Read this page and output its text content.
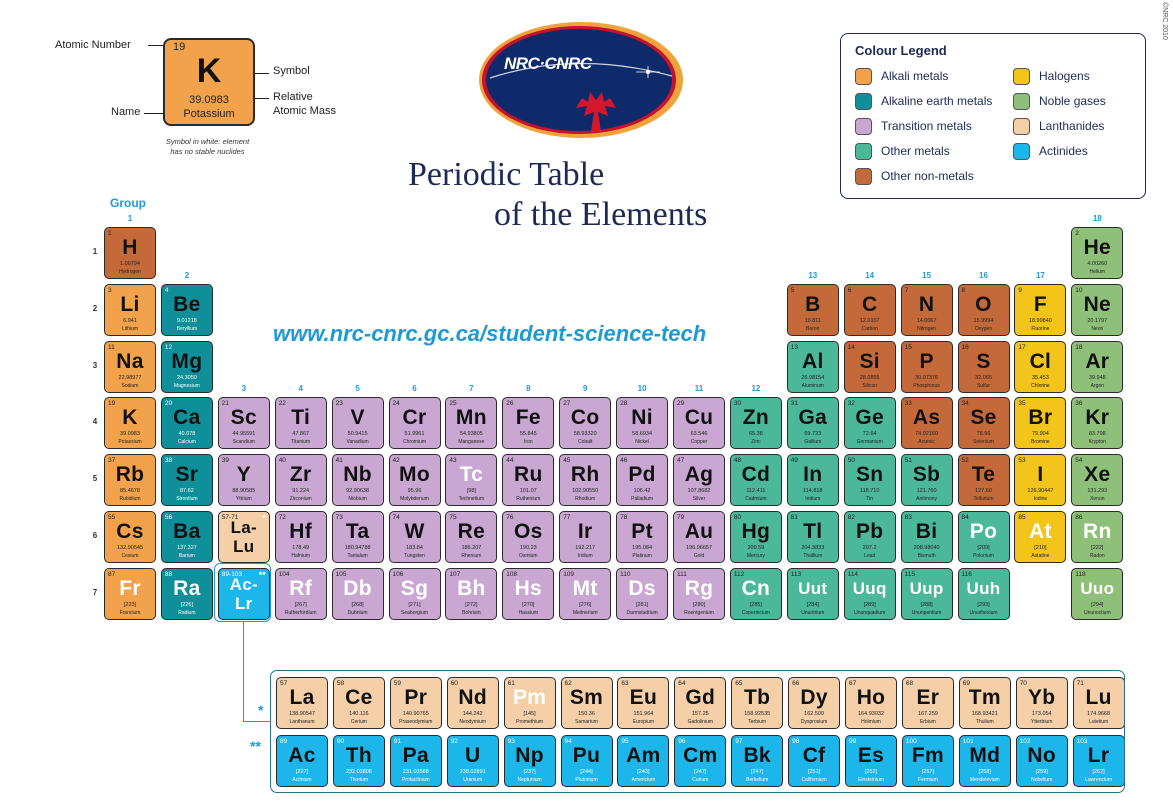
©NRC 2010
Atomic Number	19
K
39.0983
Potassium
Symbol
Relative
Atomic Mass
Name
Symbol in white: element
has no stable nuclides
NRC·CNRC
Periodic Table
of the Elements
Colour Legend
Alkali metals
Alkaline earth metals
Transition metals
Other metals
Other non-metals
Halogens
Noble gases
Lanthanides
Actinides
Group
www.nrc-cnrc.gc.ca/student-science-tech
1
H
1.00794
Hydrogen
2
He
4.00260
Helium
3
Li
6.941
Lithium
4
Be
9.01218
Beryllium
5
B
10.811
Boron
6
C
12.0107
Carbon
7
N
14.0067
Nitrogen
8
O
15.9994
Oxygen
9
F
18.99840
Fluorine
10
Ne
20.1797
Neon
11
Na
22.98977
Sodium
12
Mg
24.3050
Magnesium
13
Al
26.98154
Aluminum
14
Si
28.0855
Silicon
15
P
30.97376
Phosphorus
16
S
32.065
Sulfur
17
Cl
35.453
Chlorine
18
Ar
39.948
Argon
19
K
39.0983
Potassium
20
Ca
40.078
Calcium
21
Sc
44.95591
Scandium
22
Ti
47.867
Titanium
23
V
50.9415
Vanadium
24
Cr
51.9961
Chromium
25
Mn
54.93805
Manganese
26
Fe
55.845
Iron
27
Co
58.93320
Cobalt
28
Ni
58.6934
Nickel
29
Cu
63.546
Copper
30
Zn
65.38
Zinc
31
Ga
69.723
Gallium
32
Ge
72.64
Germanium
33
As
74.92160
Arsenic
34
Se
78.96
Selenium
35
Br
79.904
Bromine
36
Kr
83.798
Krypton
37
Rb
85.4678
Rubidium
38
Sr
87.62
Strontium
39
Y
88.90585
Yttrium
40
Zr
91.224
Zirconium
41
Nb
92.90638
Niobium
42
Mo
95.96
Molybdenum
43
Tc
[98]
Technetium
44
Ru
101.07
Ruthenium
45
Rh
102.90550
Rhodium
46
Pd
106.42
Palladium
47
Ag
107.8682
Silver
48
Cd
112.411
Cadmium
49
In
114.818
Indium
50
Sn
118.710
Tin
51
Sb
121.760
Antimony
52
Te
127.60
Tellurium
53
I
126.90447
Iodine
54
Xe
131.293
Xenon
55
Cs
132.90545
Cesium
56
Ba
137.327
Barium
57-71
La-
Lu
* 72
Hf
178.49
Hafnium
73
Ta
180.94788
Tantalum
74
W
183.84
Tungsten
75
Re
186.207
Rhenium
76
Os
190.23
Osmium
77
Ir
192.217
Iridium
78
Pt
195.084
Platinum
79
Au
196.96657
Gold
80
Hg
200.59
Mercury
81
Tl
204.3833
Thallium
82
Pb
207.2
Lead
83
Bi
208.98040
Bismuth
84
Po
[209]
Polonium
85
At
[210]
Astatine
86
Rn
[222]
Radon
87
Fr
[223]
Francium
88
Ra
[226]
Radium
89-103
Ac-
Lr
** 104
Rf
[267]
Rutherfordium
105
Db
[268]
Dubnium
106
Sg
[271]
Seaborgium
107
Bh
[272]
Bohrium
108
Hs
[270]
Hassium
109
Mt
[276]
Meitnerium
110
Ds
[281]
Darmstadtium
111
Rg
[280]
Roentgenium
112
Cn
[285]
Copernicium
113
Uut
[284]
Ununtrium
114
Uuq
[289]
Ununquadium
115
Uup
[288]
Ununpentium
116
Uuh
[293]
Ununhexium
118
Uuo
[294]
Ununoctium
57
La
138.90547
Lanthanum
58
Ce
140.116
Cerium
59
Pr
140.90765
Praseodymium
60
Nd
144.242
Neodymium
61
Pm
[145]
Promethium
62
Sm
150.36
Samarium
63
Eu
151.964
Europium
64
Gd
157.25
Gadolinium
65
Tb
158.92535
Terbium
66
Dy
162.500
Dysprosium
67
Ho
164.93032
Holmium
68
Er
167.259
Erbium
69
Tm
168.93421
Thulium
70
Yb
173.054
Ytterbium
71
Lu
174.9668
Lutetium
89
Ac
[227]
Actinium
90
Th
232.03806
Thorium
91
Pa
231.03588
Protactinium
92
U
238.02891
Uranium
93
Np
[237]
Neptunium
94
Pu
[244]
Plutonium
95
Am
[243]
Americium
96
Cm
[247]
Curium
97
Bk
[247]
Berkelium
98
Cf
[251]
Californium
99
Es
[252]
Einsteinium
100
Fm
[257]
Fermium
101
Md
[258]
Mendelevium
102
No
[259]
Nobelium
103
Lr
[262]
Lawrencium
1
2
3	4	5	6	7	8	9	10	11	12
13	14	15	16	17
18
1
2
3
4
5
6
7
*
**
